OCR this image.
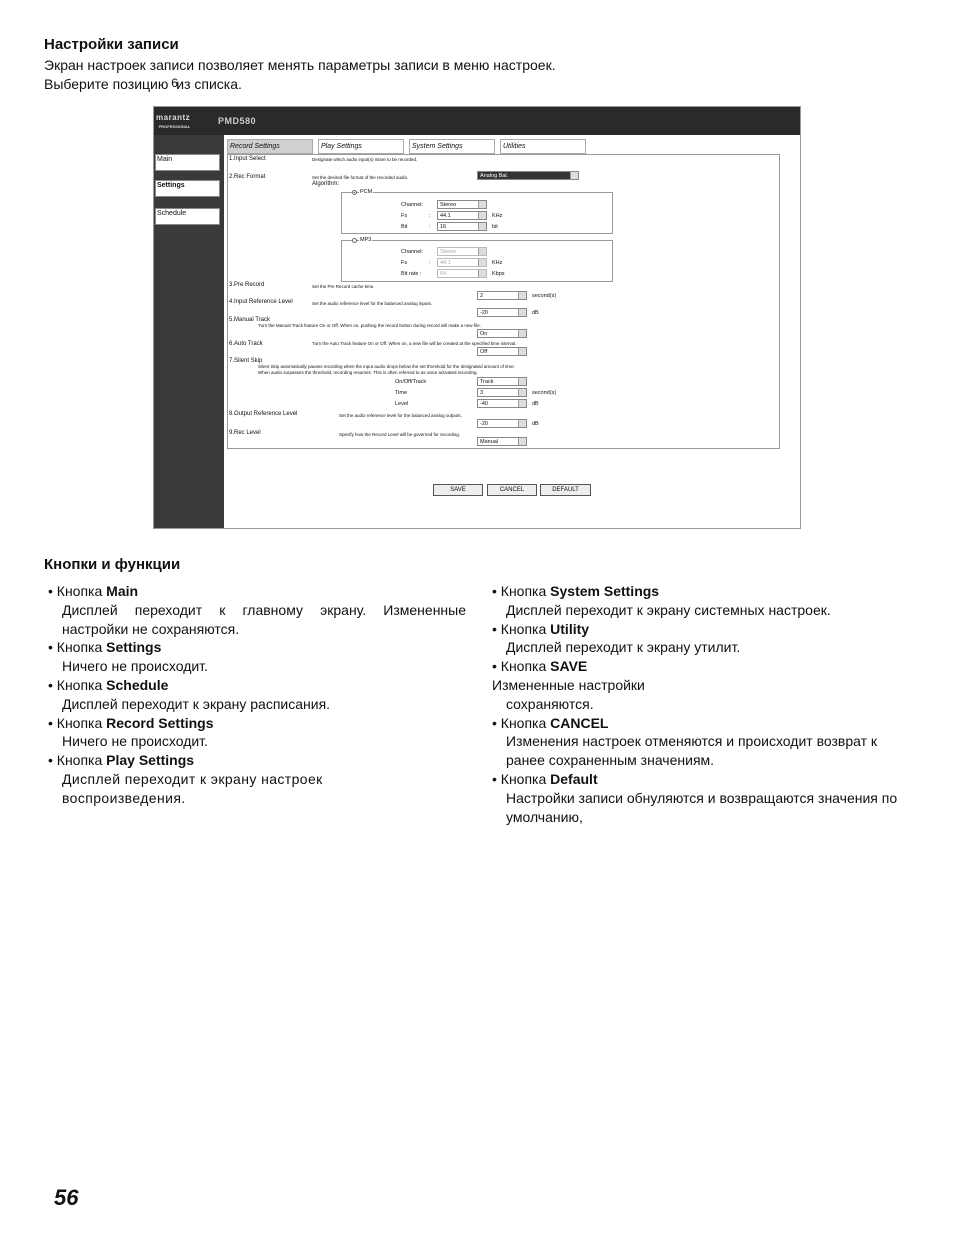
Настройки записи

Экран настроек записи позволяет менять параметры записи в меню настроек.

Выберите позицию 6
из списка.

marantz
PROFESSIONAL
PMD580
Main
Settings
Schedule
Record Settings	Play Settings	System Settings	Utilities
1.Input Select	Designate which audio input(s) is/are to be recorded.
Analog Bal.
2.Rec Format	Set the desired file format of the recorded audio.
Algorithm:
PCM
Channel:	Stereo
Fs	:	44.1	KHz
Bit	:	16	bit
MP3
Channel:	Stereo
Fs	:	44.1	KHz
Bit rate :	64	Kbps
3.Pre Record	Set the Pre Record cache time.
2	second(s)
4.Input Reference Level	Set the audio reference level for the balanced analog inputs.
-20	dB
5.Manual Track
Turn the Manual Track feature On or Off. When on, pushing the record button during record will make a new file.
On
6.Auto Track	Turn the Auto Track feature On or Off. When on, a new file will be created at the specified time interval.
Off
7.Silent Skip
Silent Skip automatically pauses recording when the input audio drops below the set threshold for the designated amount of time.
When audio surpasses the threshold, recording resumes. This is often referred to as voice activated recording.
On/Off/Track	Track
Time	3	second(s)
Level	-40	dB
8.Output Reference Level	Set the audio reference level for the balanced analog outputs.
-20	dB
9.Rec Level	Specify how the Record Level will be governed for recording.
Manual
SAVE	CANCEL	DEFAULT
Кнопки и функции
• Кнопка Main
Дисплей переходит к главному экрану. Измененные настройки не сохраняются.
• Кнопка Settings
Ничего не происходит.
• Кнопка Schedule
Дисплей переходит к экрану расписания.
• Кнопка Record Settings
Ничего не происходит.
• Кнопка Play Settings
Дисплей переходит к экрану настроек воспроизведения.
• Кнопка System Settings
Дисплей переходит к экрану системных настроек.
• Кнопка Utility
Дисплей переходит к экрану утилит.
• Кнопка SAVE
Измененные настройки
сохраняются.
• Кнопка CANCEL
Изменения настроек отменяются и происходит возврат к ранее сохраненным значениям.
• Кнопка Default
Настройки записи обнуляются и возвращаются значения по умолчанию,
56
